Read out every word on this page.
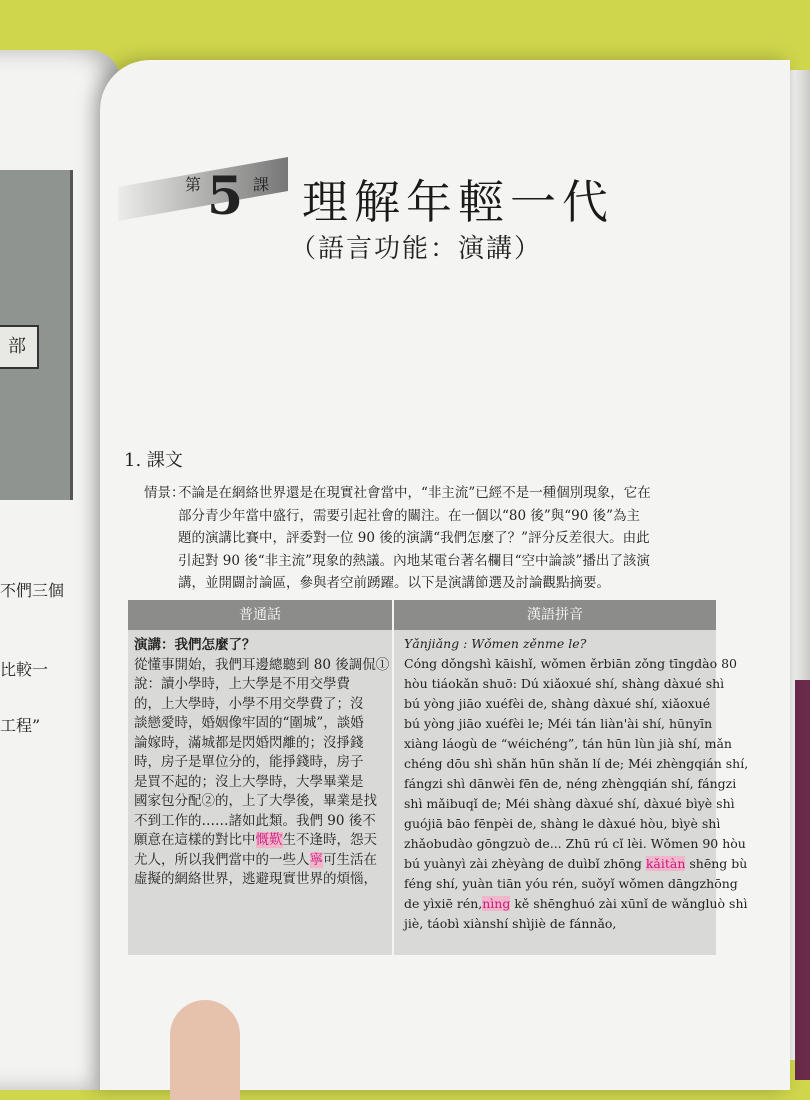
部
不們三個
比較一
工程”
第 5 課 理解年輕一代
（語言功能：演講）
1. 課文
情景：
不論是在網絡世界還是在現實社會當中，“非主流”已經不是一種個別現象，它在
部分青少年當中盛行，需要引起社會的關注。在一個以“80 後”與“90 後”為主
題的演講比賽中，評委對一位 90 後的演講“我們怎麼了？”評分反差很大。由此
引起對 90 後“非主流”現象的熱議。內地某電台著名欄目“空中論談”播出了該演
講，並開闢討論區，參與者空前踴躍。以下是演講節選及討論觀點摘要。
普通話	漢語拼音
演講：我們怎麼了？
從懂事開始，我們耳邊總聽到 80 後調侃①
說：讀小學時，上大學是不用交學費
的，上大學時，小學不用交學費了；沒
談戀愛時，婚姻像牢固的“圍城”，談婚
論嫁時，滿城都是閃婚閃離的；沒掙錢
時，房子是單位分的，能掙錢時，房子
是買不起的；沒上大學時，大學畢業是
國家包分配②的，上了大學後，畢業是找
不到工作的……諸如此類。我們 90 後不
願意在這樣的對比中慨歎生不逢時，怨天
尤人，所以我們當中的一些人寧可生活在
虛擬的網絡世界，逃避現實世界的煩惱，
Yǎnjiǎng : Wǒmen zěnme le?
Cóng dǒngshì kāishǐ, wǒmen ěrbiān zǒng tīngdào 80
hòu tiáokǎn shuō: Dú xiǎoxué shí, shàng dàxué shì
bú yòng jiāo xuéfèi de, shàng dàxué shí, xiǎoxué
bú yòng jiāo xuéfèi le; Méi tán liàn'ài shí, hūnyīn
xiàng láogù de “wéichéng”, tán hūn lùn jià shí, mǎn
chéng dōu shì shǎn hūn shǎn lí de; Méi zhèngqián shí,
fángzi shì dānwèi fēn de, néng zhèngqián shí, fángzi
shì mǎibuqǐ de; Méi shàng dàxué shí, dàxué bìyè shì
guójiā bāo fēnpèi de, shàng le dàxué hòu, bìyè shì
zhǎobudào gōngzuò de... Zhū rú cǐ lèi. Wǒmen 90 hòu
bú yuànyì zài zhèyàng de duìbǐ zhōng kǎitàn shēng bù
féng shí, yuàn tiān yóu rén, suǒyǐ wǒmen dāngzhōng
de yìxiē rén,nìng kě shēnghuó zài xūnǐ de wǎngluò shì
jiè, táobì xiànshí shìjiè de fánnǎo,
